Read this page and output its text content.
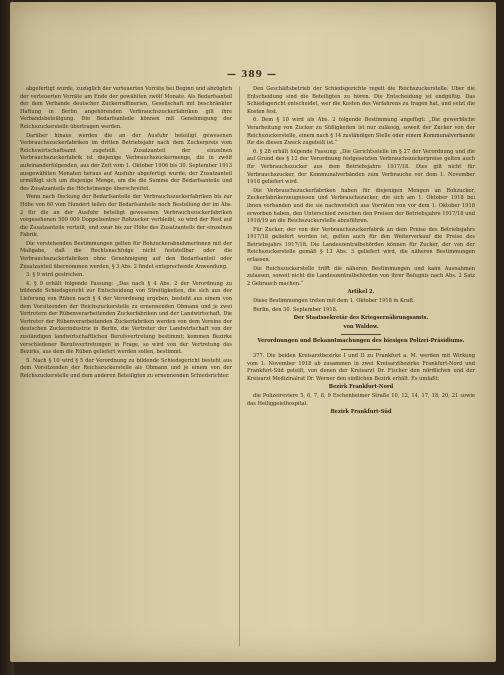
— 389 —

abgefertigt wurde, zuzüglich der verteuerten Vorräte bei Beginn und abzüglich der verteuerten Vorräte am Ende der gewählten zwölf Monate. Als Bedarfsanteil der dem Verbande deutscher Zuckerraffinerien, Gesellschaft mit beschränkter Haftung in Berlin angehörenden Verbrauchszuckerfabriken gilt ihre Verbandsbeteiligung. Die Bedarfsanteile können mit Genehmigung der Reichszuckerstelle übertragen werden.

Darüber hinaus werden die an der Ausfuhr beteiligt gewesenen Verbrauchszuckerfabriken im dritten Betriebsjahr nach dem Zuckerpreis vom Reichswirtschaftsamt zugeteilt. Zusatzanteil der einzelnen Verbrauchszuckerfabrik ist diejenige Verbrauchszuckermenge, die in zwölf aufeinanderfolgenden, aus der Zeit vom 1. Oktober 1906 bis 30. September 1913 ausgewählten Monaten heraus auf Ausfuhr abgefertigt wurde; der Zusatzanteil ermäßigt sich um diejenige Menge, um die die Summe der Bedarfsanteile und des Zusatzanteils die Höchstmenge überschreitet.

Wenn nach Deckung der Bedarfsanteile der Verbrauchszuckerfabriken bis zur Höhe von 60 vom Hundert teilen der Bedarfsanteile noch Bestellung der im Abs. 2 für die an der Ausfuhr beteiligt gewesenen Verbrauchszuckerfabriken vorgesehenen 500 000 Doppelzentner Rohzucker verbleibt, so wird der Rest auf die Zusatzanteile verteilt, und zwar bis zur Höhe des Zusatzanteils der einzelnen Fabrik.

Die vorstehenden Bestimmungen gelten für Rohzuckerabnehmerinnen mit der Maßgabe, daß die Rechtsnachfolge nicht feststellbar oder die Verbrauchszuckerfabriken ohne Genehmigung auf den Bedarfsanteil oder Zusatzanteil übernommen werden, § 3 Abs. 2 findet entsprechende Anwendung.

3. § 9 wird gestrichen.

4. § 9 erhält folgende Fassung: „Das nach § 4 Abs. 2 der Verordnung zu bildende Schiedsgericht zur Entscheidung von Streitigkeiten, die sich aus der Lieferung von Rüben nach § 4 der Verordnung ergeben, besteht aus einem von dem Vorsitzenden der Reichszuckerstelle zu ernennenden Obmann und je zwei Vertretern der Rübenverarbeitenden Zuckerfabriken und der Landwirtschaft. Die Vertreter der Rübenverarbeitenden Zuckerfabriken werden von dem Vereine der deutschen Zuckerindustrie in Berlin, die Vertreter der Landwirtschaft von der zuständigen landwirtschaftlichen Berufsvertretung bestimmt; kommen Bezirke verschiedener Berufsvertretungen in Frage, so wird von der Vertretung des Bezirks, aus dem die Rüben geliefert werden sollen, bestimmt.

5. Nach § 10 wird § 5 der Verordnung zu bildende Schiedsgericht besteht aus dem Vorsitzenden der Reichszuckerstelle als Obmann und je einem von der Reichszuckerstelle und dem anderen Beteiligten zu ernennenden Schiedsrichter.

Den Geschäftsbetrieb der Schiedsgerichte regelt die Reichszuckerstelle. Über die Entscheidung sind die Beteiligten zu hören. Die Entscheidung ist endgültig. Das Schiedsgericht entscheidet, wer die Kosten des Verfahrens zu tragen hat, und setzt die Kosten fest.

6. Dem § 10 wird als Abs. 2 folgende Bestimmung angefügt: „Die gewerbliche Verarbeitung von Zucker zu Süßigkeiten ist nur zulässig, soweit der Zucker von der Reichszuckerstelle, einem nach § 14 zuständigen Stelle oder einem Kommunalverbande für die diesen Zweck zugeteilt ist.“

6. § 28 erhält folgende Fassung: „Die Gerichtsstelle im § 27 der Verordnung und die auf Grund des § 12 der Verordnung festgesetzten Verbrauchszuckerpreise gelten auch für Verbrauchszucker aus dem Betriebsjahre 1917/18. Dies gilt nicht für Verbrauchszucker, der Kommunalverbänden zum Verbrauche vor dem 1. November 1918 geliefert wird.

Die Verbrauchszuckerfabriken haben für diejenigen Mengen an Rohzucker, Zuckerfabrikerzeugnissen und Verbrauchszucker, die sich am 1. Oktober 1918 bei ihnen vorhanden und die sie nachweislich aus Vorräten von vor dem 1. Oktober 1918 erworben haben, den Unterschied zwischen den Preisen der Betriebsjahre 1917/18 und 1918/19 an die Reichszuckerstelle abzuführen.

Für Zucker, der von der Verbrauchszuckerfabrik an dem Preise des Betriebsjahrs 1917/18 geliefert worden ist, gelten auch für den Weiterverkauf die Preise des Betriebsjahrs 1917/18. Die Landeszentralbehörden können für Zucker, der von der Reichszuckerstelle gemäß § 13 Abs. 3 geliefert wird, die näheren Bestimmungen erlassen.

Die Reichszuckerstelle trifft die näheren Bestimmungen und kann Ausnahmen zulassen, soweit nicht die Landeszentralbehörden von ihrer Befugnis nach Abs. 2 Satz 2 Gebrauch machen.“

Artikel 2.

Diese Bestimmungen treten mit dem 1. Oktober 1918 in Kraft.

Berlin, den 30. September 1918.

Der Staatssekretär des Kriegsernährungsamts.

von Waldow.

Verordnungen und Bekanntmachungen des hiesigen Polizei-Präsidiums.

377. Die beiden Kreisarztbezirke I und II zu Frankfurt a. M. werden mit Wirkung vom 1. November 1918 ab zusammen in zwei Kreisarztbezirke Frankfurt-Nord und Frankfurt-Süd geteilt, von denen der Kreisarzt Dr. Fischer den nördlichen und der Kreisarzt Medizinalrat Dr. Werner den südlichen Bezirk erhält. Es umfaßt:

Bezirk Frankfurt-Nord

die Polizeireviere 5, 6, 7, 8, 9 Eschenheimer Straße 10, 12, 14, 17, 18, 20, 21 sowie das Heiliggeisthospital.

Bezirk Frankfurt-Süd
